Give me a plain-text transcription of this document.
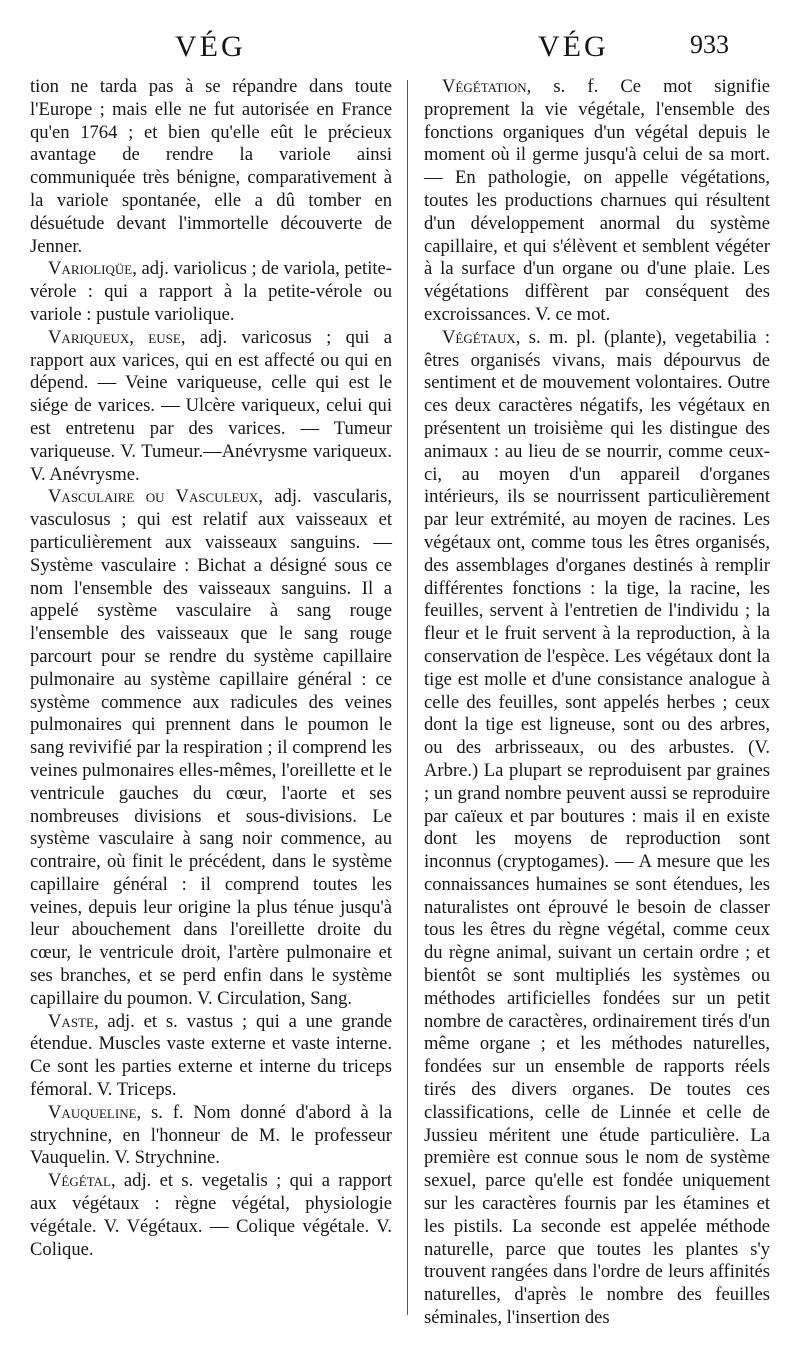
VÉG	VÉG	933

tion ne tarda pas à se répandre dans toute l'Europe ; mais elle ne fut autorisée en France qu'en 1764 ; et bien qu'elle eût le précieux avantage de rendre la variole ainsi communiquée très bénigne, comparativement à la variole spontanée, elle a dû tomber en désuétude devant l'immortelle découverte de Jenner.

Varioliqüe, adj. variolicus ; de variola, petite-vérole : qui a rapport à la petite-vérole ou variole : pustule variolique.

Variqueux, euse, adj. varicosus ; qui a rapport aux varices, qui en est affecté ou qui en dépend. — Veine variqueuse, celle qui est le siége de varices. — Ulcère variqueux, celui qui est entretenu par des varices. — Tumeur variqueuse. V. Tumeur.—Anévrysme variqueux. V. Anévrysme.

Vasculaire ou Vasculeux, adj. vascularis, vasculosus ; qui est relatif aux vaisseaux et particulièrement aux vaisseaux sanguins. — Système vasculaire : Bichat a désigné sous ce nom l'ensemble des vaisseaux sanguins. Il a appelé système vasculaire à sang rouge l'ensemble des vaisseaux que le sang rouge parcourt pour se rendre du système capillaire pulmonaire au système capillaire général : ce système commence aux radicules des veines pulmonaires qui prennent dans le poumon le sang revivifié par la respiration ; il comprend les veines pulmonaires elles-mêmes, l'oreillette et le ventricule gauches du cœur, l'aorte et ses nombreuses divisions et sous-divisions. Le système vasculaire à sang noir commence, au contraire, où finit le précédent, dans le système capillaire général : il comprend toutes les veines, depuis leur origine la plus ténue jusqu'à leur abouchement dans l'oreillette droite du cœur, le ventricule droit, l'artère pulmonaire et ses branches, et se perd enfin dans le système capillaire du poumon. V. Circulation, Sang.

Vaste, adj. et s. vastus ; qui a une grande étendue. Muscles vaste externe et vaste interne. Ce sont les parties externe et interne du triceps fémoral. V. Triceps.

Vauqueline, s. f. Nom donné d'abord à la strychnine, en l'honneur de M. le professeur Vauquelin. V. Strychnine.

Végétal, adj. et s. vegetalis ; qui a rapport aux végétaux : règne végétal, physiologie végétale. V. Végétaux. — Colique végétale. V. Colique.

Végétation, s. f. Ce mot signifie proprement la vie végétale, l'ensemble des fonctions organiques d'un végétal depuis le moment où il germe jusqu'à celui de sa mort. — En pathologie, on appelle végétations, toutes les productions charnues qui résultent d'un développement anormal du système capillaire, et qui s'élèvent et semblent végéter à la surface d'un organe ou d'une plaie. Les végétations diffèrent par conséquent des excroissances. V. ce mot.

Végétaux, s. m. pl. (plante), vegetabilia : êtres organisés vivans, mais dépourvus de sentiment et de mouvement volontaires. Outre ces deux caractères négatifs, les végétaux en présentent un troisième qui les distingue des animaux : au lieu de se nourrir, comme ceux-ci, au moyen d'un appareil d'organes intérieurs, ils se nourrissent particulièrement par leur extrémité, au moyen de racines. Les végétaux ont, comme tous les êtres organisés, des assemblages d'organes destinés à remplir différentes fonctions : la tige, la racine, les feuilles, servent à l'entretien de l'individu ; la fleur et le fruit servent à la reproduction, à la conservation de l'espèce. Les végétaux dont la tige est molle et d'une consistance analogue à celle des feuilles, sont appelés herbes ; ceux dont la tige est ligneuse, sont ou des arbres, ou des arbrisseaux, ou des arbustes. (V. Arbre.) La plupart se reproduisent par graines ; un grand nombre peuvent aussi se reproduire par caïeux et par boutures : mais il en existe dont les moyens de reproduction sont inconnus (cryptogames). — A mesure que les connaissances humaines se sont étendues, les naturalistes ont éprouvé le besoin de classer tous les êtres du règne végétal, comme ceux du règne animal, suivant un certain ordre ; et bientôt se sont multipliés les systèmes ou méthodes artificielles fondées sur un petit nombre de caractères, ordinairement tirés d'un même organe ; et les méthodes naturelles, fondées sur un ensemble de rapports réels tirés des divers organes. De toutes ces classifications, celle de Linnée et celle de Jussieu méritent une étude particulière. La première est connue sous le nom de système sexuel, parce qu'elle est fondée uniquement sur les caractères fournis par les étamines et les pistils. La seconde est appelée méthode naturelle, parce que toutes les plantes s'y trouvent rangées dans l'ordre de leurs affinités naturelles, d'après le nombre des feuilles séminales, l'insertion des
